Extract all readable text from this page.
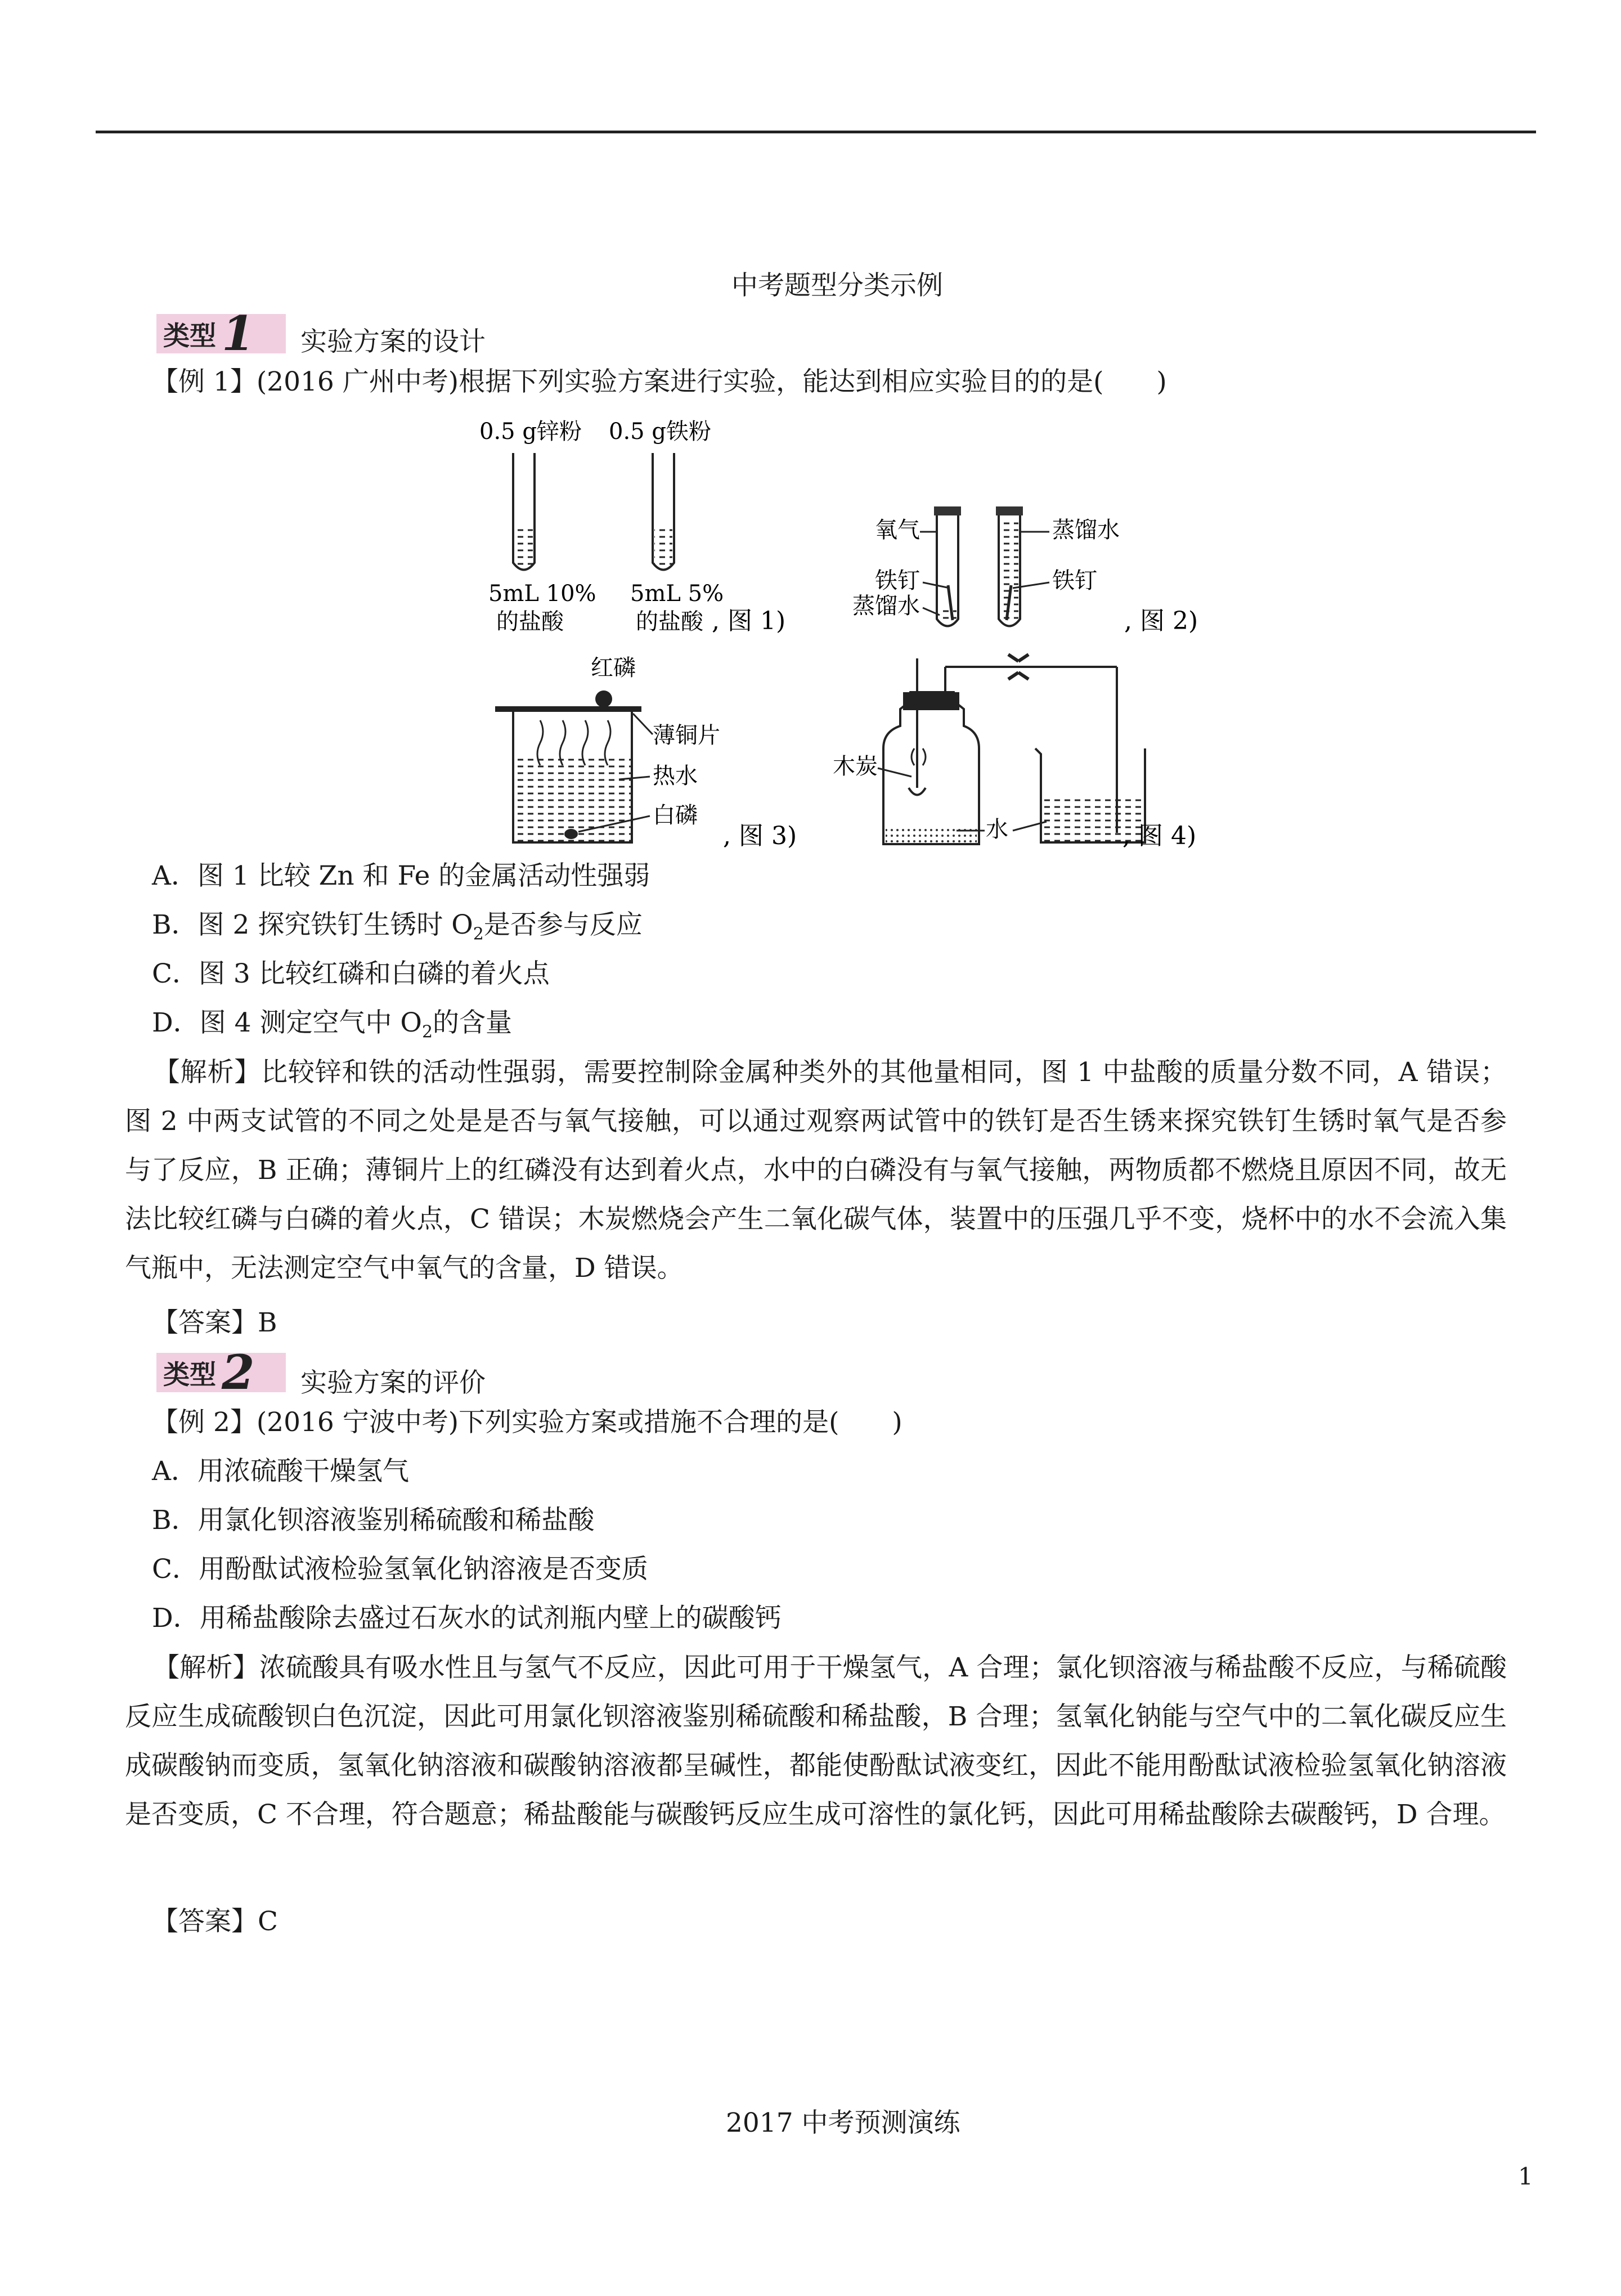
中考题型分类示例
类型 1 实验方案的设计
【例 1】(2016 广州中考)根据下列实验方案进行实验，能达到相应实验目的的是(　　)
0.5 g锌粉 0.5 g铁粉
5mL 10%
的盐酸
5mL 5%
的盐酸 , 图 1)
氧气
铁钉
蒸馏水
蒸馏水
铁钉
, 图 2)
红磷
薄铜片
热水
白磷
, 图 3)
木炭
水	, 图 4)
A．图 1 比较 Zn 和 Fe 的金属活动性强弱
B．图 2 探究铁钉生锈时 $O_2$是否参与反应
C．图 3 比较红磷和白磷的着火点
D．图 4 测定空气中 $O_2$的含量
【解析】比较锌和铁的活动性强弱，需要控制除金属种类外的其他量相同，图 1 中盐酸的质量分数不同，A 错误；图 2 中两支试管的不同之处是是否与氧气接触，可以通过观察两试管中的铁钉是否生锈来探究铁钉生锈时氧气是否参与了反应，B 正确；薄铜片上的红磷没有达到着火点，水中的白磷没有与氧气接触，两物质都不燃烧且原因不同，故无法比较红磷与白磷的着火点，C 错误；木炭燃烧会产生二氧化碳气体，装置中的压强几乎不变，烧杯中的水不会流入集气瓶中，无法测定空气中氧气的含量，D 错误。
【答案】B
类型 2 实验方案的评价
【例 2】(2016 宁波中考)下列实验方案或措施不合理的是(　　)
A．用浓硫酸干燥氢气
B．用氯化钡溶液鉴别稀硫酸和稀盐酸
C．用酚酞试液检验氢氧化钠溶液是否变质
D．用稀盐酸除去盛过石灰水的试剂瓶内壁上的碳酸钙
【解析】浓硫酸具有吸水性且与氢气不反应，因此可用于干燥氢气，A 合理；氯化钡溶液与稀盐酸不反应，与稀硫酸反应生成硫酸钡白色沉淀，因此可用氯化钡溶液鉴别稀硫酸和稀盐酸，B 合理；氢氧化钠能与空气中的二氧化碳反应生成碳酸钠而变质，氢氧化钠溶液和碳酸钠溶液都呈碱性，都能使酚酞试液变红，因此不能用酚酞试液检验氢氧化钠溶液是否变质，C 不合理，符合题意；稀盐酸能与碳酸钙反应生成可溶性的氯化钙，因此可用稀盐酸除去碳酸钙，D 合理。
【答案】C
2017 中考预测演练
1
